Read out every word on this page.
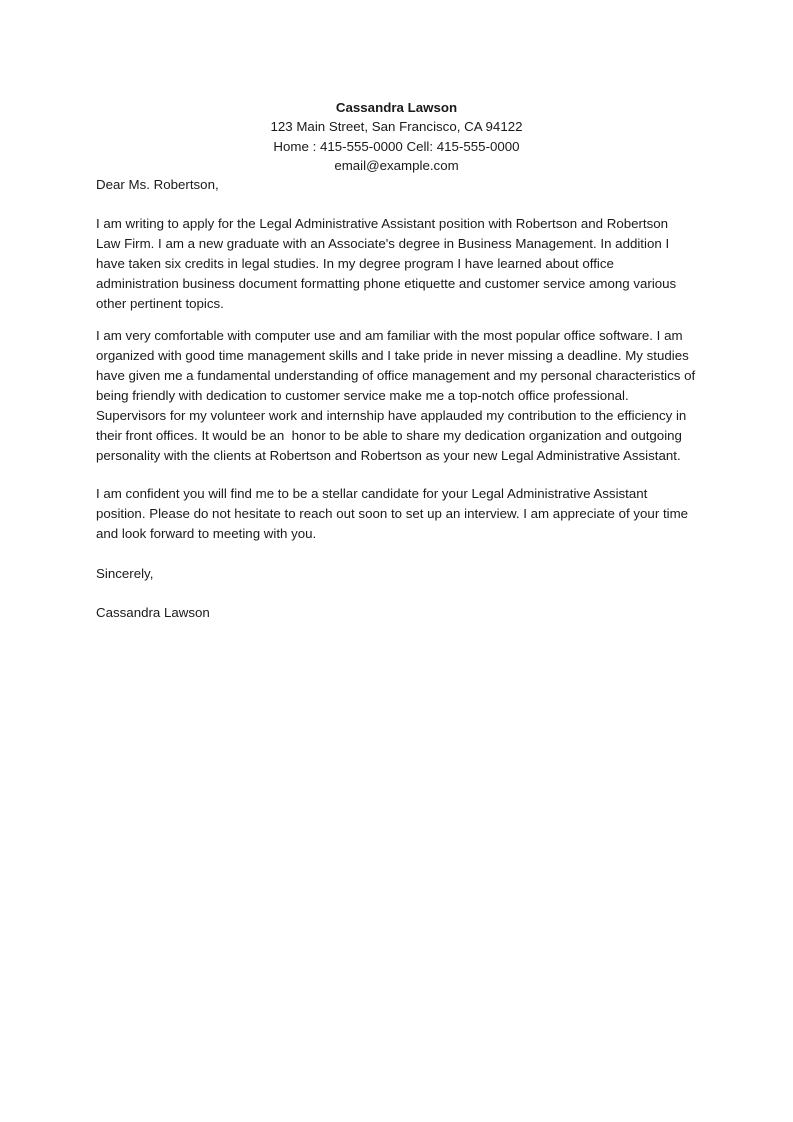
Cassandra Lawson
123 Main Street, San Francisco, CA 94122
Home : 415-555-0000 Cell: 415-555-0000
email@example.com
Dear Ms. Robertson,
I am writing to apply for the Legal Administrative Assistant position with Robertson and Robertson
Law Firm. I am a new graduate with an Associate's degree in Business Management. In addition I
have taken six credits in legal studies. In my degree program I have learned about office
administration business document formatting phone etiquette and customer service among various
other pertinent topics.
I am very comfortable with computer use and am familiar with the most popular office software. I am
organized with good time management skills and I take pride in never missing a deadline. My studies
have given me a fundamental understanding of office management and my personal characteristics of
being friendly with dedication to customer service make me a top-notch office professional.
Supervisors for my volunteer work and internship have applauded my contribution to the efficiency in
their front offices. It would be an  honor to be able to share my dedication organization and outgoing
personality with the clients at Robertson and Robertson as your new Legal Administrative Assistant.
I am confident you will find me to be a stellar candidate for your Legal Administrative Assistant
position. Please do not hesitate to reach out soon to set up an interview. I am appreciate of your time
and look forward to meeting with you.
Sincerely,
Cassandra Lawson
